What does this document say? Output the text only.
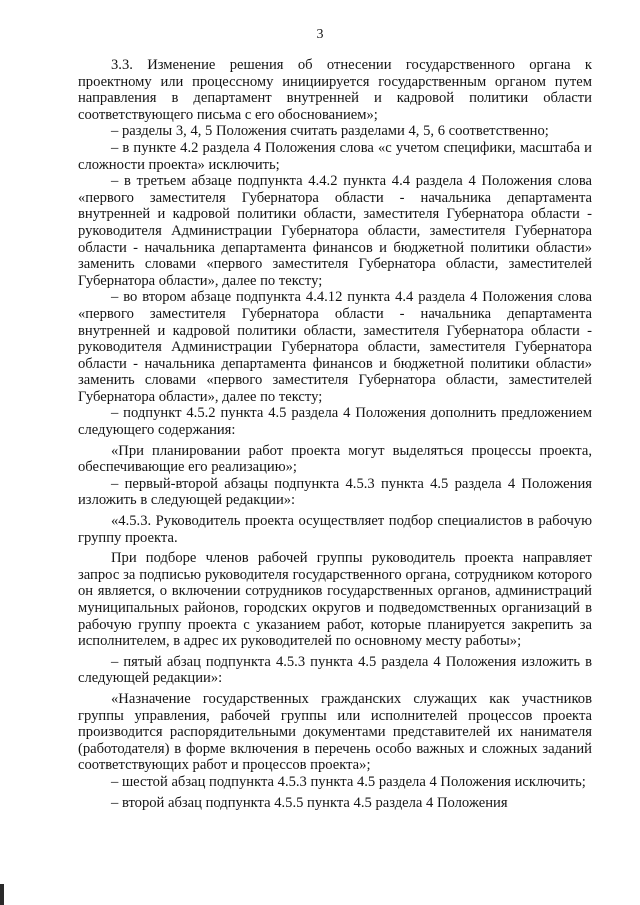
3

3.3. Изменение решения об отнесении государственного органа к проектному или процессному инициируется государственным органом путем направления в департамент внутренней и кадровой политики области соответствующего письма с его обоснованием»;

– разделы 3, 4, 5 Положения считать разделами 4, 5, 6 соответственно;

– в пункте 4.2 раздела 4 Положения слова «с учетом специфики, масштаба и сложности проекта» исключить;

– в третьем абзаце подпункта 4.4.2 пункта 4.4 раздела 4 Положения слова «первого заместителя Губернатора области - начальника департамента внутренней и кадровой политики области, заместителя Губернатора области - руководителя Администрации Губернатора области, заместителя Губернатора области - начальника департамента финансов и бюджетной политики области» заменить словами «первого заместителя Губернатора области, заместителей Губернатора области», далее по тексту;

– во втором абзаце подпункта 4.4.12 пункта 4.4 раздела 4 Положения слова «первого заместителя Губернатора области - начальника департамента внутренней и кадровой политики области, заместителя Губернатора области - руководителя Администрации Губернатора области, заместителя Губернатора области - начальника департамента финансов и бюджетной политики области» заменить словами «первого заместителя Губернатора области, заместителей Губернатора области», далее по тексту;

– подпункт 4.5.2 пункта 4.5 раздела 4 Положения дополнить предложением следующего содержания:

«При планировании работ проекта могут выделяться процессы проекта, обеспечивающие его реализацию»;

– первый-второй абзацы подпункта 4.5.3 пункта 4.5 раздела 4 Положения изложить в следующей редакции»:

«4.5.3. Руководитель проекта осуществляет подбор специалистов в рабочую группу проекта.

При подборе членов рабочей группы руководитель проекта направляет запрос за подписью руководителя государственного органа, сотрудником которого он является, о включении сотрудников государственных органов, администраций муниципальных районов, городских округов и подведомственных организаций в рабочую группу проекта с указанием работ, которые планируется закрепить за исполнителем, в адрес их руководителей по основному месту работы»;

– пятый абзац подпункта 4.5.3 пункта 4.5 раздела 4 Положения изложить в следующей редакции»:

«Назначение государственных гражданских служащих как участников группы управления, рабочей группы или исполнителей процессов проекта производится распорядительными документами представителей их нанимателя (работодателя) в форме включения в перечень особо важных и сложных заданий соответствующих работ и процессов проекта»;

– шестой абзац подпункта 4.5.3 пункта 4.5 раздела 4 Положения исключить;

– второй абзац подпункта 4.5.5 пункта 4.5 раздела 4 Положения
